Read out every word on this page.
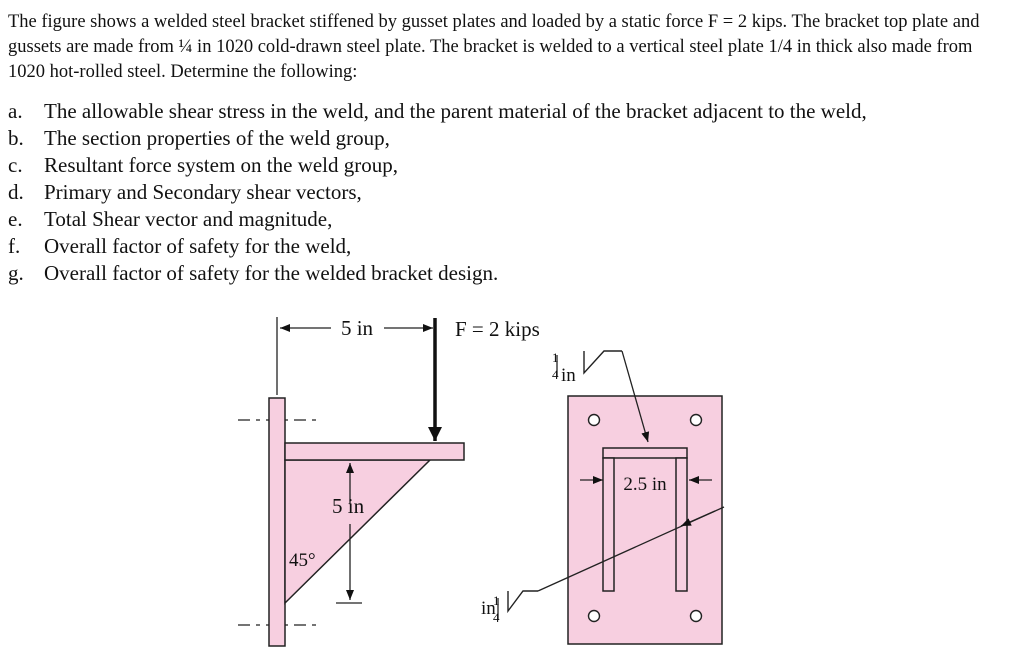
The figure shows a welded steel bracket stiffened by gusset plates and loaded by a static force F = 2 kips. The bracket top plate and gussets are made from ¼ in 1020 cold-drawn steel plate. The bracket is welded to a vertical steel plate 1/4 in thick also made from 1020 hot-rolled steel. Determine the following:
a.	The allowable shear stress in the weld, and the parent material of the bracket adjacent to the weld,
b. The section properties of the weld group,
c.	Resultant force system on the weld group,
d. Primary and Secondary shear vectors,
e.	Total Shear vector and magnitude,
f.	Overall factor of safety for the weld,
g. Overall factor of safety for the welded bracket design.
5 in	F = 2 kips
5 in
45°
1
4
in
2.5 in
1
4 in
